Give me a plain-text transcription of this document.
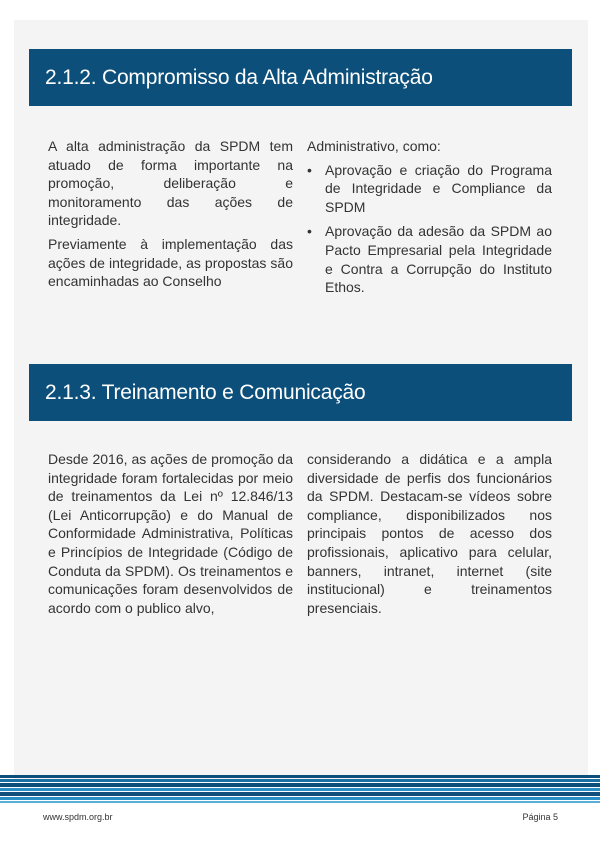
2.1.2. Compromisso da Alta Administração

A alta administração da SPDM tem atuado de forma importante na promoção, deliberação e monitoramento das ações de integridade.

Previamente à implementação das ações de integridade, as propostas são encaminhadas ao Conselho

Administrativo, como:

• Aprovação e criação do Programa de Integridade e Compliance da SPDM
• Aprovação da adesão da SPDM ao Pacto Empresarial pela Integridade e Contra a Corrupção do Instituto Ethos.
2.1.3. Treinamento e Comunicação

Desde 2016, as ações de promoção da integridade foram fortalecidas por meio de treinamentos da Lei nº 12.846/13 (Lei Anticorrupção) e do Manual de Conformidade Administrativa, Políticas e Princípios de Integridade (Código de Conduta da SPDM). Os treinamentos e comunicações foram desenvolvidos de acordo com o publico alvo,

considerando a didática e a ampla diversidade de perfis dos funcionários da SPDM. Destacam-se vídeos sobre compliance, disponibilizados nos principais pontos de acesso dos profissionais, aplicativo para celular, banners, intranet, internet (site institucional) e treinamentos presenciais.

www.spdm.org.br	Página 5
